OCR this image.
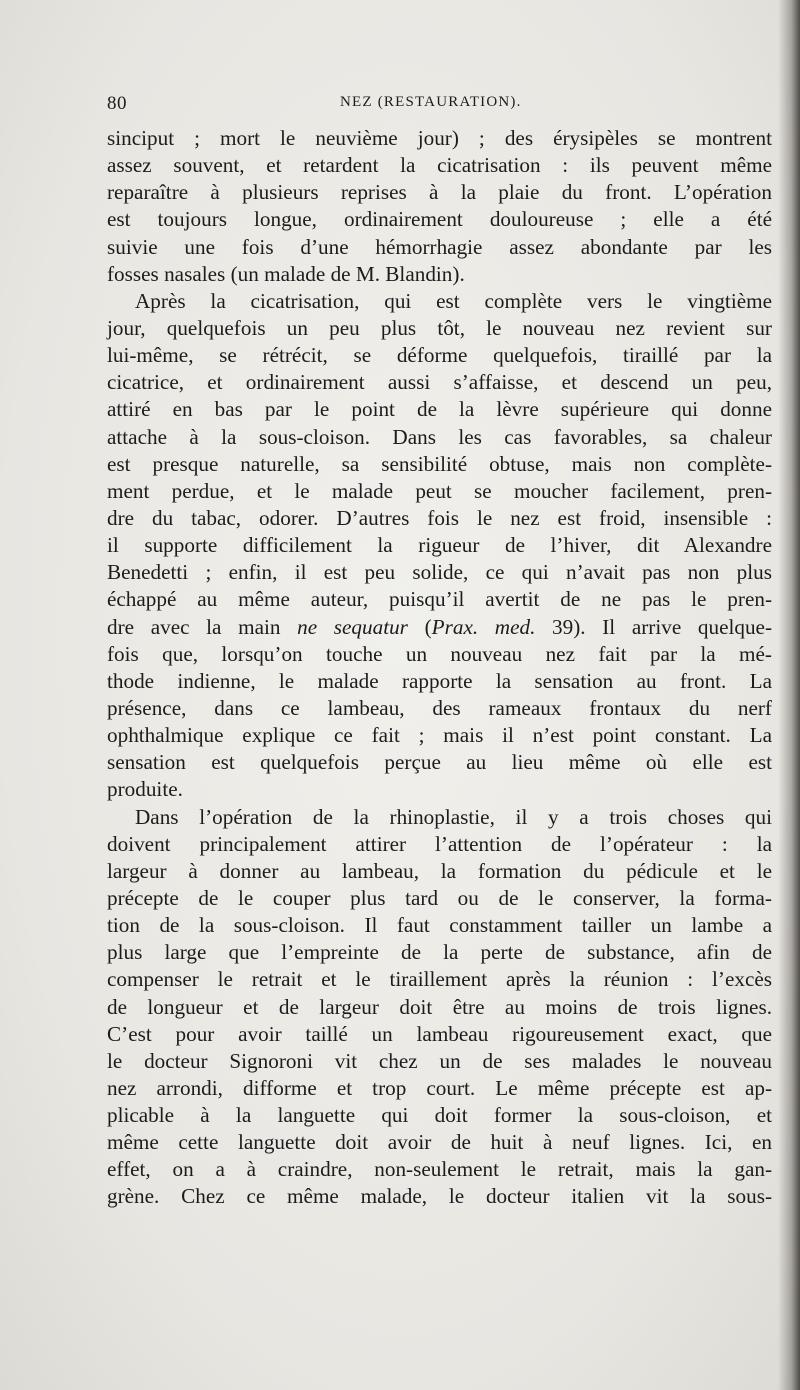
80	NEZ (RESTAURATION).
sinciput ; mort le neuvième jour) ; des érysipèles se montrent
assez souvent, et retardent la cicatrisation : ils peuvent même
reparaître à plusieurs reprises à la plaie du front. L’opération
est toujours longue, ordinairement douloureuse ; elle a été
suivie une fois d’une hémorrhagie assez abondante par les
fosses nasales (un malade de M. Blandin).
Après la cicatrisation, qui est complète vers le vingtième
jour, quelquefois un peu plus tôt, le nouveau nez revient sur
lui-même, se rétrécit, se déforme quelquefois, tiraillé par la
cicatrice, et ordinairement aussi s’affaisse, et descend un peu,
attiré en bas par le point de la lèvre supérieure qui donne
attache à la sous-cloison. Dans les cas favorables, sa chaleur
est presque naturelle, sa sensibilité obtuse, mais non complète-
ment perdue, et le malade peut se moucher facilement, pren-
dre du tabac, odorer. D’autres fois le nez est froid, insensible :
il supporte difficilement la rigueur de l’hiver, dit Alexandre
Benedetti ; enfin, il est peu solide, ce qui n’avait pas non plus
échappé au même auteur, puisqu’il avertit de ne pas le pren-
dre avec la main ne sequatur (Prax. med. 39). Il arrive quelque-
fois que, lorsqu’on touche un nouveau nez fait par la mé-
thode indienne, le malade rapporte la sensation au front. La
présence, dans ce lambeau, des rameaux frontaux du nerf
ophthalmique explique ce fait ; mais il n’est point constant. La
sensation est quelquefois perçue au lieu même où elle est
produite.
Dans l’opération de la rhinoplastie, il y a trois choses qui
doivent principalement attirer l’attention de l’opérateur : la
largeur à donner au lambeau, la formation du pédicule et le
précepte de le couper plus tard ou de le conserver, la forma-
tion de la sous-cloison. Il faut constamment tailler un lambe a
plus large que l’empreinte de la perte de substance, afin de
compenser le retrait et le tiraillement après la réunion : l’excès
de longueur et de largeur doit être au moins de trois lignes.
C’est pour avoir taillé un lambeau rigoureusement exact, que
le docteur Signoroni vit chez un de ses malades le nouveau
nez arrondi, difforme et trop court. Le même précepte est ap-
plicable à la languette qui doit former la sous-cloison, et
même cette languette doit avoir de huit à neuf lignes. Ici, en
effet, on a à craindre, non-seulement le retrait, mais la gan-
grène. Chez ce même malade, le docteur italien vit la sous-
